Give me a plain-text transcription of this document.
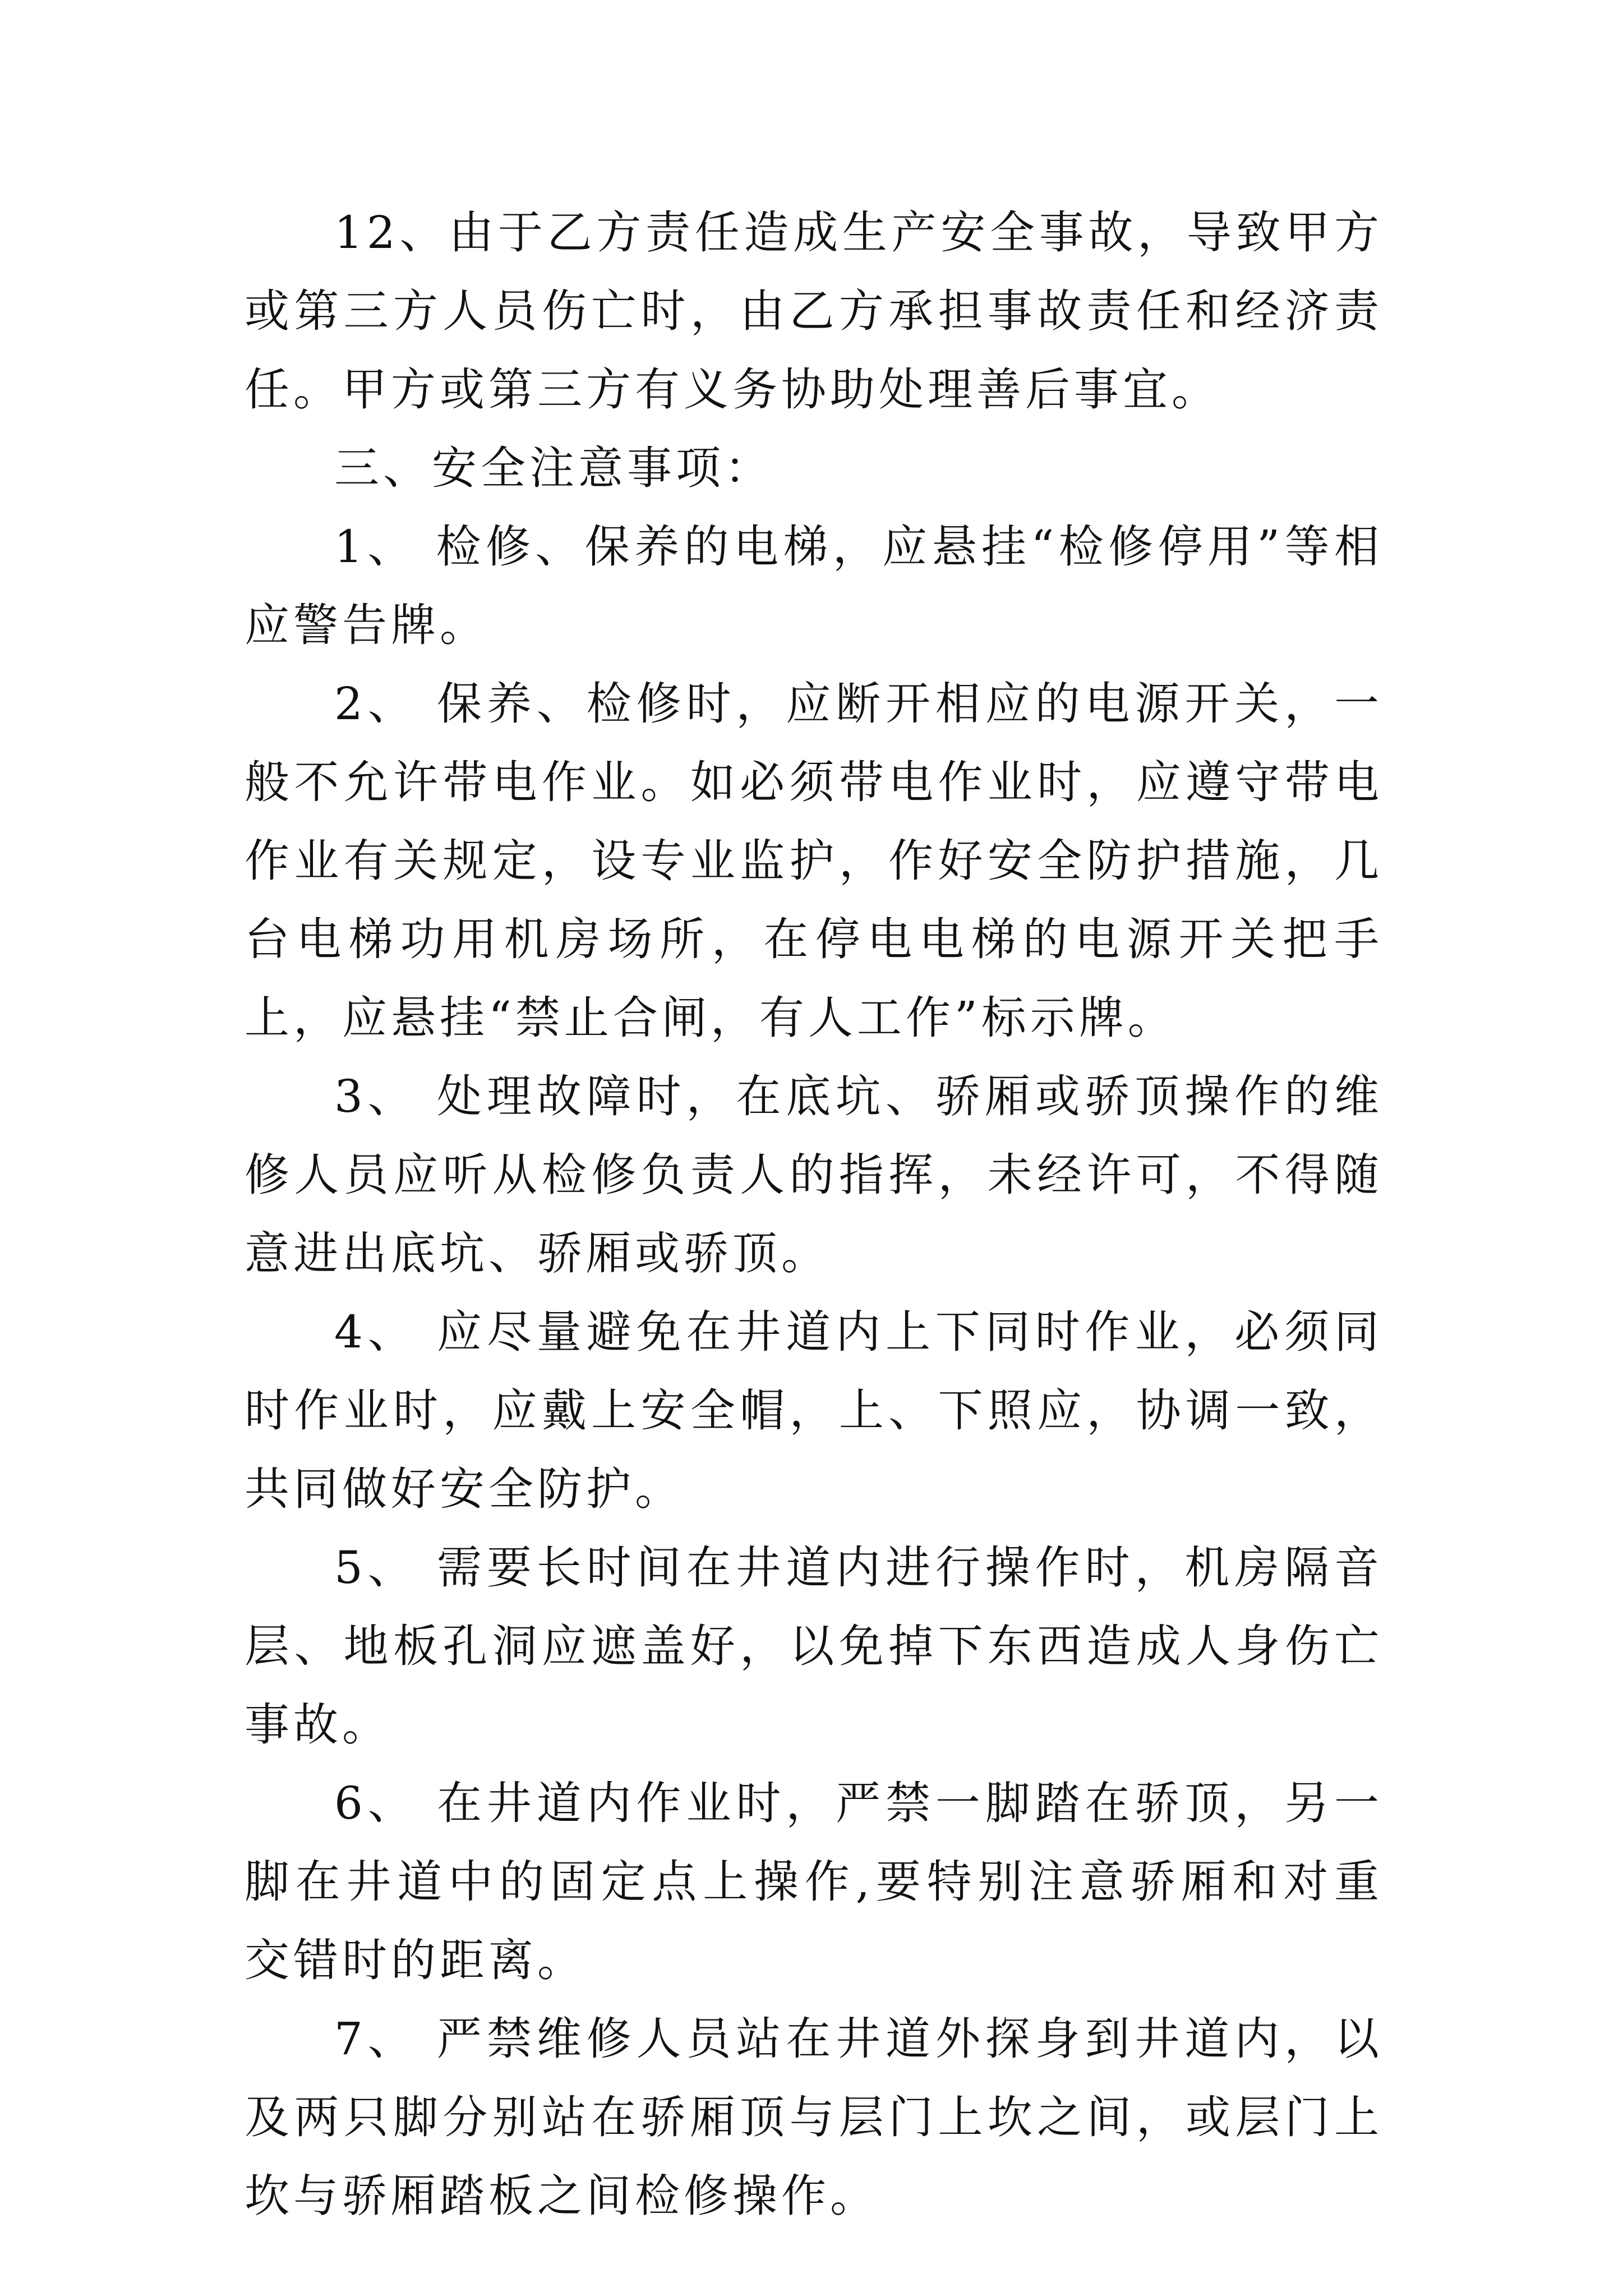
12、由于乙方责任造成生产安全事故，导致甲方或第三方人员伤亡时，由乙方承担事故责任和经济责任。甲方或第三方有义务协助处理善后事宜。

三、安全注意事项：

1、 检修、保养的电梯，应悬挂“检修停用”等相应警告牌。

2、 保养、检修时，应断开相应的电源开关，一般不允许带电作业。如必须带电作业时，应遵守带电作业有关规定，设专业监护，作好安全防护措施，几台电梯功用机房场所，在停电电梯的电源开关把手上，应悬挂“禁止合闸，有人工作”标示牌。

3、 处理故障时，在底坑、骄厢或骄顶操作的维修人员应听从检修负责人的指挥，未经许可，不得随意进出底坑、骄厢或骄顶。

4、 应尽量避免在井道内上下同时作业，必须同时作业时，应戴上安全帽，上、下照应，协调一致，共同做好安全防护。

5、 需要长时间在井道内进行操作时，机房隔音层、地板孔洞应遮盖好，以免掉下东西造成人身伤亡事故。

6、 在井道内作业时，严禁一脚踏在骄顶，另一脚在井道中的固定点上操作,要特别注意骄厢和对重交错时的距离。

7、 严禁维修人员站在井道外探身到井道内，以及两只脚分别站在骄厢顶与层门上坎之间，或层门上坎与骄厢踏板之间检修操作。
